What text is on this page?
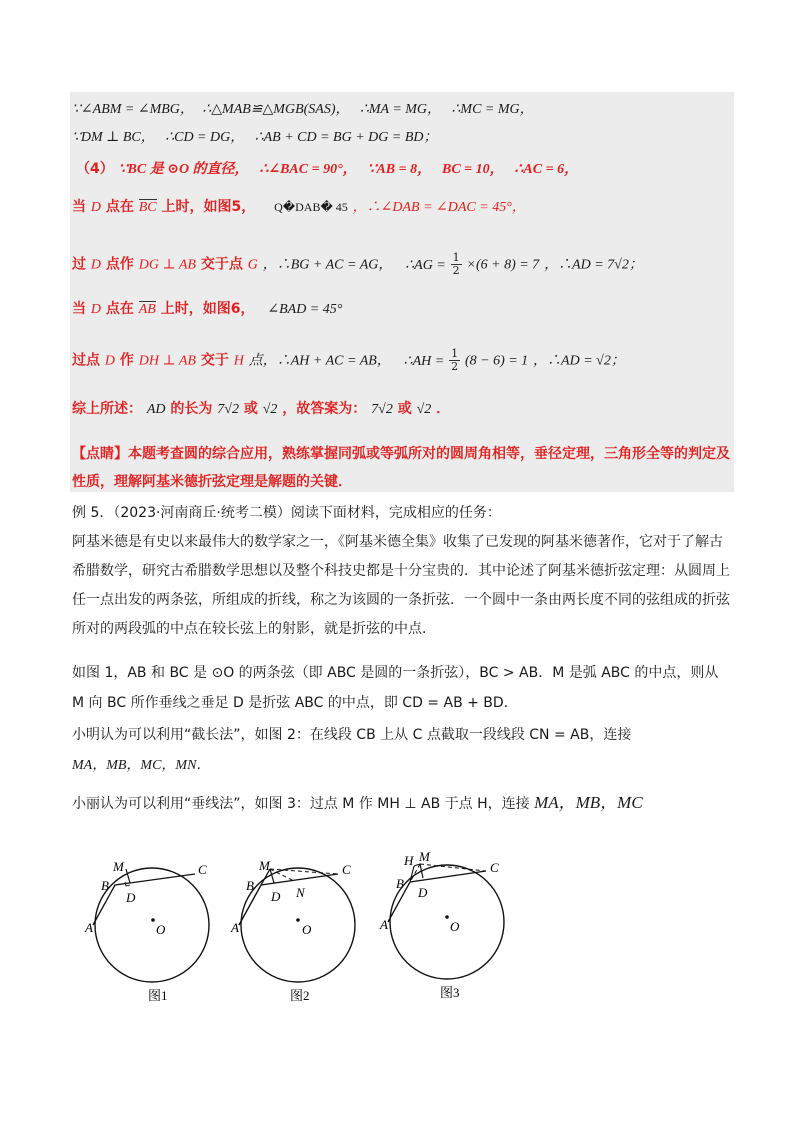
∵∠ABM = ∠MBG， ∴△MAB≌△MGB(SAS)， ∴MA = MG， ∴MC = MG，
∵DM ⊥ BC， ∴CD = DG， ∴AB + CD = BG + DG = BD；
（4） ∵BC 是 ⊙O 的直径， ∴∠BAC = 90°， ∵AB = 8， BC = 10， ∴AC = 6，
当 D 点在 BC 上时，如图5， Q�DAB� 45 ，∴∠DAB = ∠DAC = 45°，
过 D 点作 DG ⊥ AB 交于点 G ，∴BG + AC = AG， ∴AG = $\frac{1}{2} \times(6 + 8) = 7$ ，∴AD = 7√2；
当 D 点在 AB 上时，如图6， ∠BAD = 45°
过点 D 作 DH ⊥ AB 交于 H 点，∴AH + AC = AB， ∴AH = $\frac{1}{2} (8 - 6) = 1$ ，∴AD = √2；
综上所述： AD 的长为 7√2 或 √2 ，故答案为： 7√2 或 √2 ．
【点睛】本题考查圆的综合应用，熟练掌握同弧或等弧所对的圆周角相等，垂径定理，三角形全等的判定及性质，理解阿基米德折弦定理是解题的关键．
例 5．（2023·河南商丘·统考二模）阅读下面材料，完成相应的任务：
阿基米德是有史以来最伟大的数学家之一，《阿基米德全集》收集了已发现的阿基米德著作，它对于了解古希腊数学，研究古希腊数学思想以及整个科技史都是十分宝贵的．其中论述了阿基米德折弦定理：从圆周上任一点出发的两条弦，所组成的折线，称之为该圆的一条折弦．一个圆中一条由两长度不同的弦组成的折弦所对的两段弧的中点在较长弦上的射影，就是折弦的中点．
如图 1，AB 和 BC 是 ⊙O 的两条弦（即 ABC 是圆的一条折弦），BC > AB．M 是弧 ABC 的中点，则从 M 向 BC 所作垂线之垂足 D 是折弦 ABC 的中点，即 CD = AB + BD．
小明认为可以利用“截长法”，如图 2：在线段 CB 上从 C 点截取一段线段 CN = AB，连接
MA，MB，MC，MN．
小丽认为可以利用“垂线法”，如图 3：过点 M 作 MH ⊥ AB 于点 H，连接 MA，MB，MC
M
B
C
D
A	O
图1
M
B
C
D N
A	O
图2
H M
B
C
D
A	O
图3
